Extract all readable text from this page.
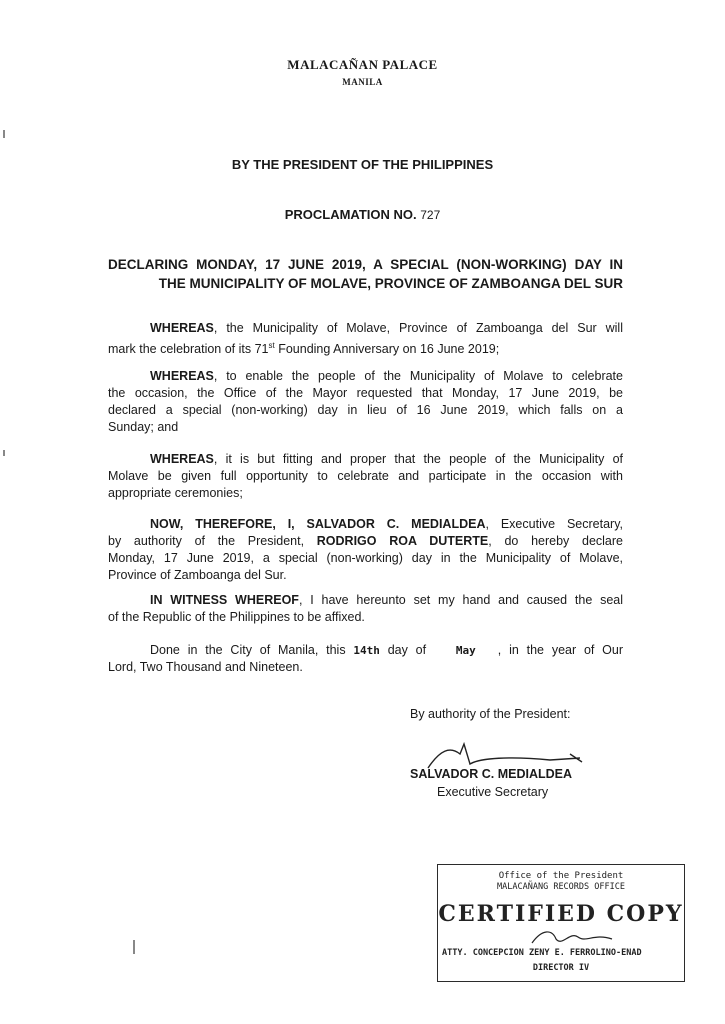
MALACAÑAN PALACE
MANILA
BY THE PRESIDENT OF THE PHILIPPINES
PROCLAMATION NO. 727
DECLARING MONDAY, 17 JUNE 2019, A SPECIAL (NON-WORKING) DAY IN
THE MUNICIPALITY OF MOLAVE, PROVINCE OF ZAMBOANGA DEL SUR
WHEREAS, the Municipality of Molave, Province of Zamboanga del Sur will
mark the celebration of its 71st Founding Anniversary on 16 June 2019;
WHEREAS, to enable the people of the Municipality of Molave to celebrate
the occasion, the Office of the Mayor requested that Monday, 17 June 2019, be
declared a special (non-working) day in lieu of 16 June 2019, which falls on a
Sunday; and
WHEREAS, it is but fitting and proper that the people of the Municipality of
Molave be given full opportunity to celebrate and participate in the occasion with
appropriate ceremonies;
NOW, THEREFORE, I, SALVADOR C. MEDIALDEA, Executive Secretary,
by authority of the President, RODRIGO ROA DUTERTE, do hereby declare
Monday, 17 June 2019, a special (non-working) day in the Municipality of Molave,
Province of Zamboanga del Sur.
IN WITNESS WHEREOF, I have hereunto set my hand and caused the seal
of the Republic of the Philippines to be affixed.
Done in the City of Manila, this 14th day of May , in the year of Our
Lord, Two Thousand and Nineteen.
By authority of the President:
SALVADOR C. MEDIALDEA
Executive Secretary
Office of the President
MALACAÑANG RECORDS OFFICE
CERTIFIED COPY
ATTY. CONCEPCION ZENY E. FERROLINO-ENAD
DIRECTOR IV
